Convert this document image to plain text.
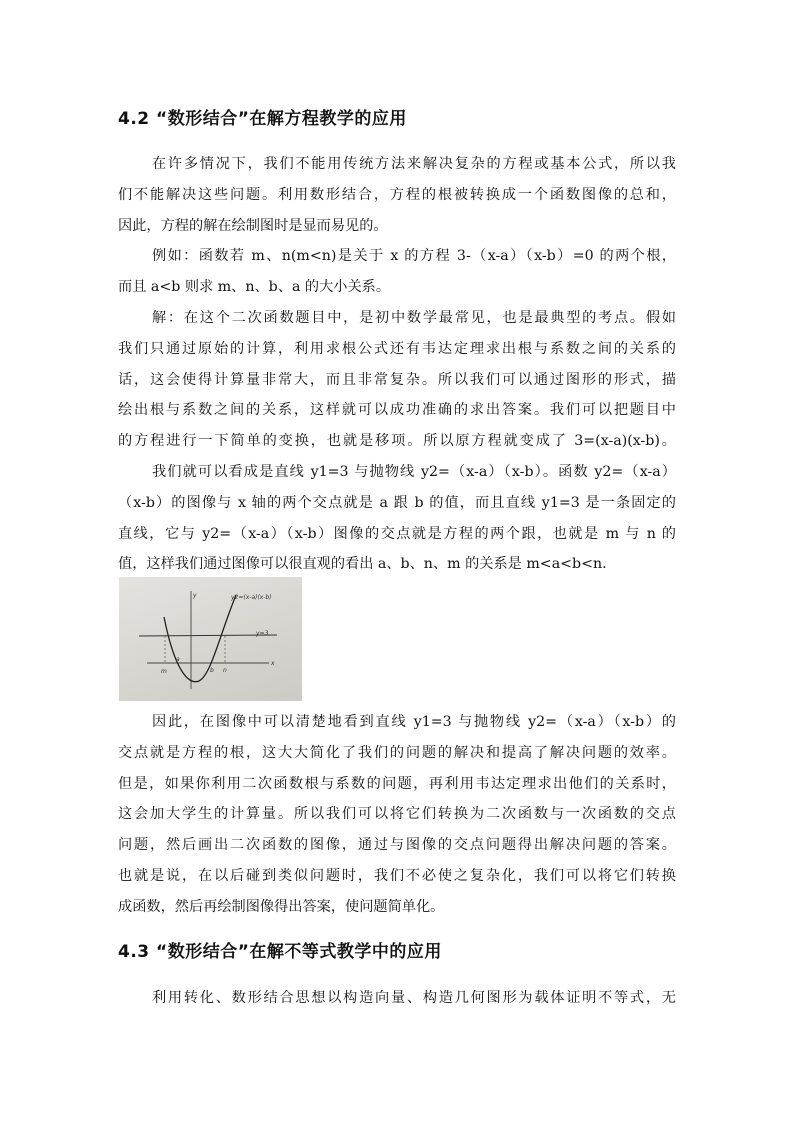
4.2 “数形结合”在解方程教学的应用
在许多情况下，我们不能用传统方法来解决复杂的方程或基本公式，所以我
们不能解决这些问题。利用数形结合，方程的根被转换成一个函数图像的总和，
因此，方程的解在绘制图时是显而易见的。
例如：函数若 m、n(m<n)是关于 x 的方程 3-（x-a）（x-b）=0 的两个根，
而且 a<b 则求 m、n、b、a 的大小关系。
解：在这个二次函数题目中，是初中数学最常见，也是最典型的考点。假如
我们只通过原始的计算，利用求根公式还有韦达定理求出根与系数之间的关系的
话，这会使得计算量非常大，而且非常复杂。所以我们可以通过图形的形式，描
绘出根与系数之间的关系，这样就可以成功准确的求出答案。我们可以把题目中
的方程进行一下简单的变换，也就是移项。所以原方程就变成了 3=(x-a)(x-b)。
我们就可以看成是直线 y1=3 与抛物线 y2=（x-a）（x-b）。函数 y2=（x-a）
（x-b）的图像与 x 轴的两个交点就是 a 跟 b 的值，而且直线 y1=3 是一条固定的
直线，它与 y2=（x-a）（x-b）图像的交点就是方程的两个跟，也就是 m 与 n 的
值，这样我们通过图像可以很直观的看出 a、b、n、m 的关系是 m<a<b<n.
y
x
y=3
y2=(x-a)(x-b)
m
a
b n
因此，在图像中可以清楚地看到直线 y1=3 与抛物线 y2=（x-a）（x-b）的
交点就是方程的根，这大大简化了我们的问题的解决和提高了解决问题的效率。
但是，如果你利用二次函数根与系数的问题，再利用韦达定理求出他们的关系时，
这会加大学生的计算量。所以我们可以将它们转换为二次函数与一次函数的交点
问题，然后画出二次函数的图像，通过与图像的交点问题得出解决问题的答案。
也就是说，在以后碰到类似问题时，我们不必使之复杂化，我们可以将它们转换
成函数，然后再绘制图像得出答案，使问题简单化。
4.3 “数形结合”在解不等式教学中的应用
利用转化、数形结合思想以构造向量、构造几何图形为载体证明不等式，无
